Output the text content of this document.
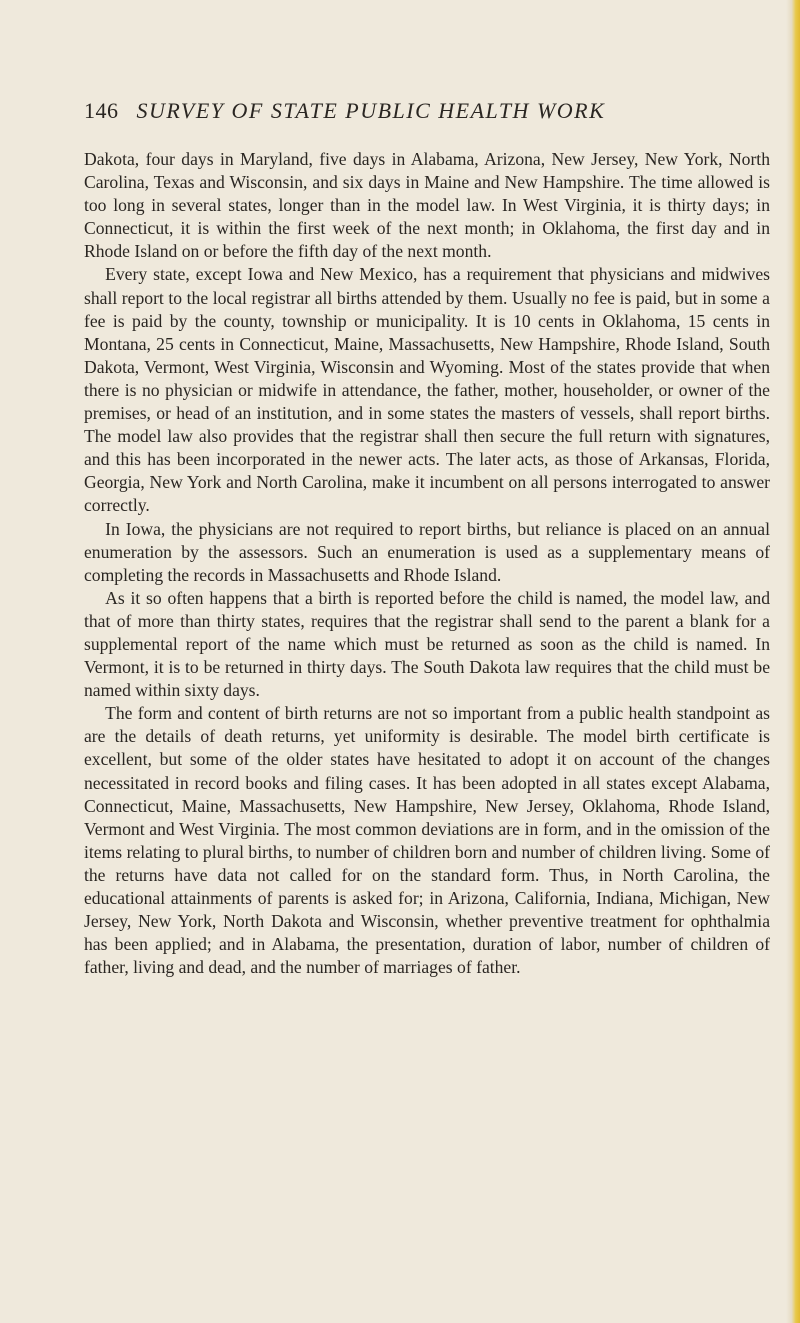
146 SURVEY OF STATE PUBLIC HEALTH WORK

Dakota, four days in Maryland, five days in Alabama, Arizona, New Jersey, New York, North Carolina, Texas and Wisconsin, and six days in Maine and New Hampshire. The time allowed is too long in several states, longer than in the model law. In West Virginia, it is thirty days; in Connecticut, it is within the first week of the next month; in Oklahoma, the first day and in Rhode Island on or before the fifth day of the next month.

Every state, except Iowa and New Mexico, has a requirement that physicians and midwives shall report to the local registrar all births attended by them. Usually no fee is paid, but in some a fee is paid by the county, township or municipality. It is 10 cents in Oklahoma, 15 cents in Montana, 25 cents in Connecticut, Maine, Massachusetts, New Hampshire, Rhode Island, South Dakota, Vermont, West Virginia, Wisconsin and Wyoming. Most of the states provide that when there is no physician or midwife in attendance, the father, mother, householder, or owner of the premises, or head of an institution, and in some states the masters of vessels, shall report births. The model law also provides that the registrar shall then secure the full return with signatures, and this has been incorporated in the newer acts. The later acts, as those of Arkansas, Florida, Georgia, New York and North Carolina, make it incumbent on all persons interrogated to answer correctly.

In Iowa, the physicians are not required to report births, but reliance is placed on an annual enumeration by the assessors. Such an enumeration is used as a supplementary means of completing the records in Massachusetts and Rhode Island.

As it so often happens that a birth is reported before the child is named, the model law, and that of more than thirty states, requires that the registrar shall send to the parent a blank for a supplemental report of the name which must be returned as soon as the child is named. In Vermont, it is to be returned in thirty days. The South Dakota law requires that the child must be named within sixty days.

The form and content of birth returns are not so important from a public health standpoint as are the details of death returns, yet uniformity is desirable. The model birth certificate is excellent, but some of the older states have hesitated to adopt it on account of the changes necessitated in record books and filing cases. It has been adopted in all states except Alabama, Connecticut, Maine, Massachusetts, New Hampshire, New Jersey, Oklahoma, Rhode Island, Vermont and West Virginia. The most common deviations are in form, and in the omission of the items relating to plural births, to number of children born and number of children living. Some of the returns have data not called for on the standard form. Thus, in North Carolina, the educational attainments of parents is asked for; in Arizona, California, Indiana, Michigan, New Jersey, New York, North Dakota and Wisconsin, whether preventive treatment for ophthalmia has been applied; and in Alabama, the presentation, duration of labor, number of children of father, living and dead, and the number of marriages of father.
